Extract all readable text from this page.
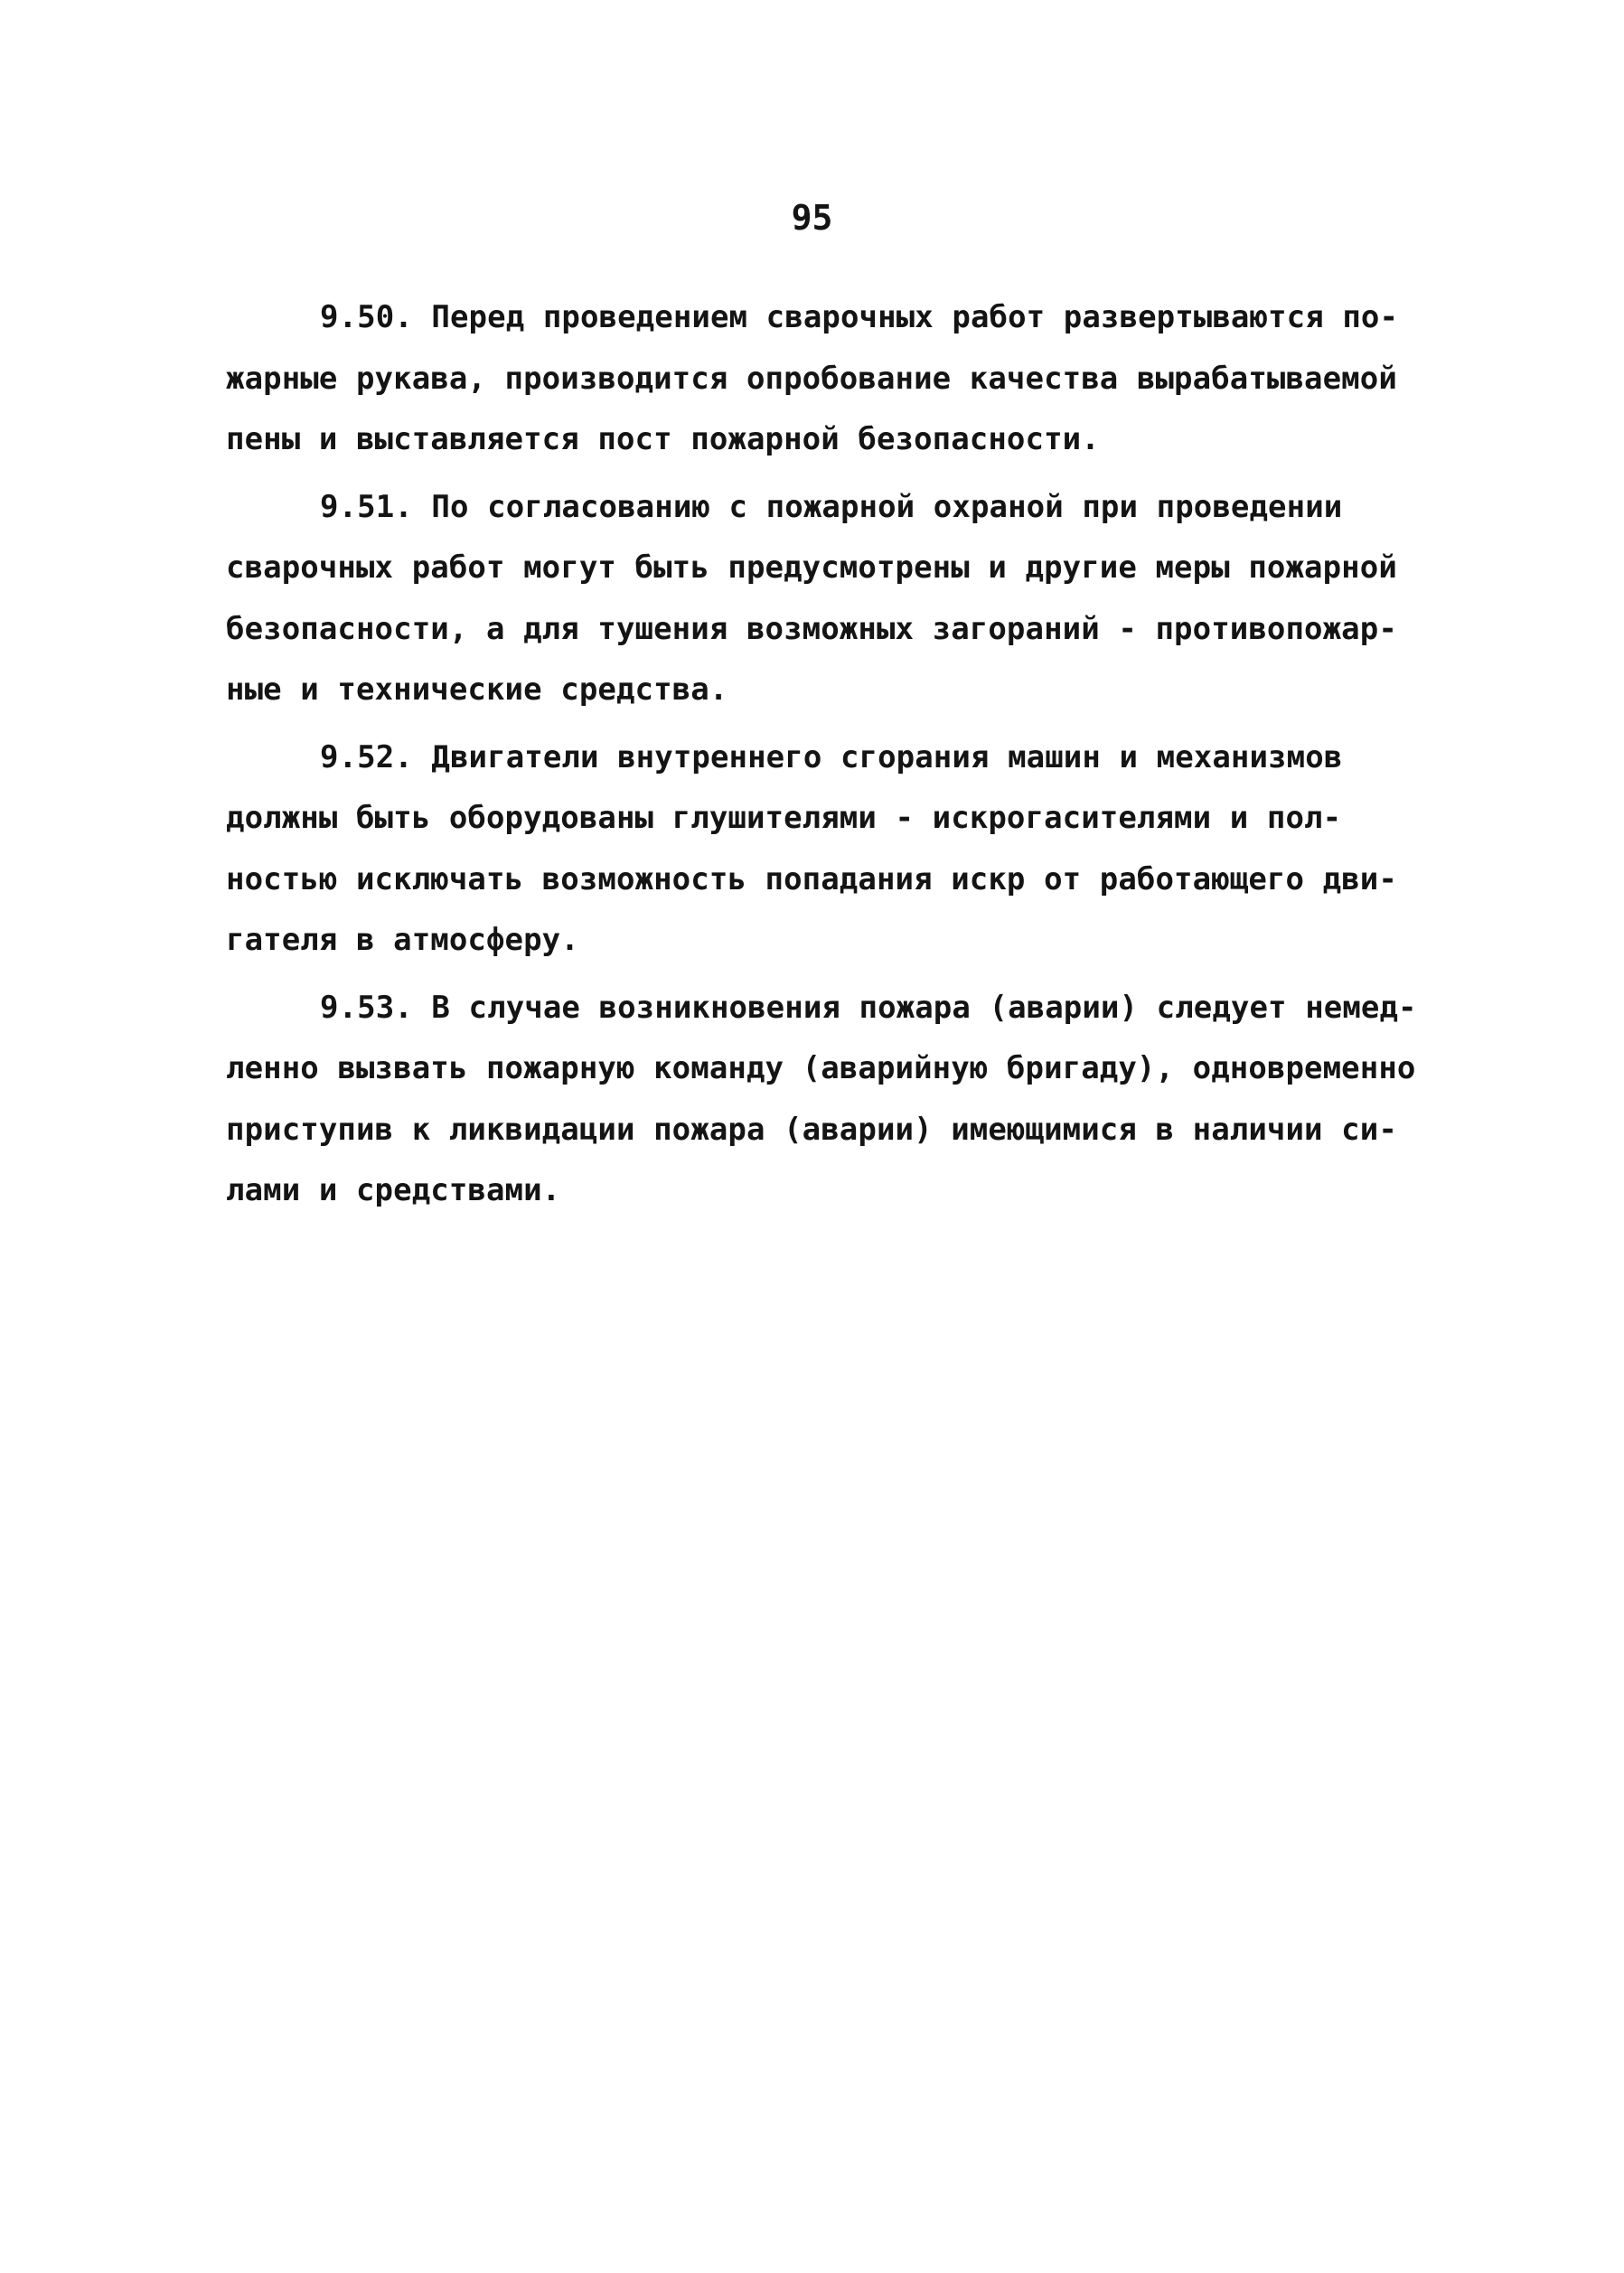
95
9.50. Перед проведением сварочных работ развертываются по-
жарные рукава, производится опробование качества вырабатываемой
пены и выставляется пост пожарной безопасности.
9.51. По согласованию с пожарной охраной при проведении
сварочных работ могут быть предусмотрены и другие меры пожарной
безопасности, а для тушения возможных загораний - противопожар-
ные и технические средства.
9.52. Двигатели внутреннего сгорания машин и механизмов
должны быть оборудованы глушителями - искрогасителями и пол-
ностью исключать возможность попадания искр от работающего дви-
гателя в атмосферу.
9.53. В случае возникновения пожара (аварии) следует немед-
ленно вызвать пожарную команду (аварийную бригаду), одновременно
приступив к ликвидации пожара (аварии) имеющимися в наличии си-
лами и средствами.
